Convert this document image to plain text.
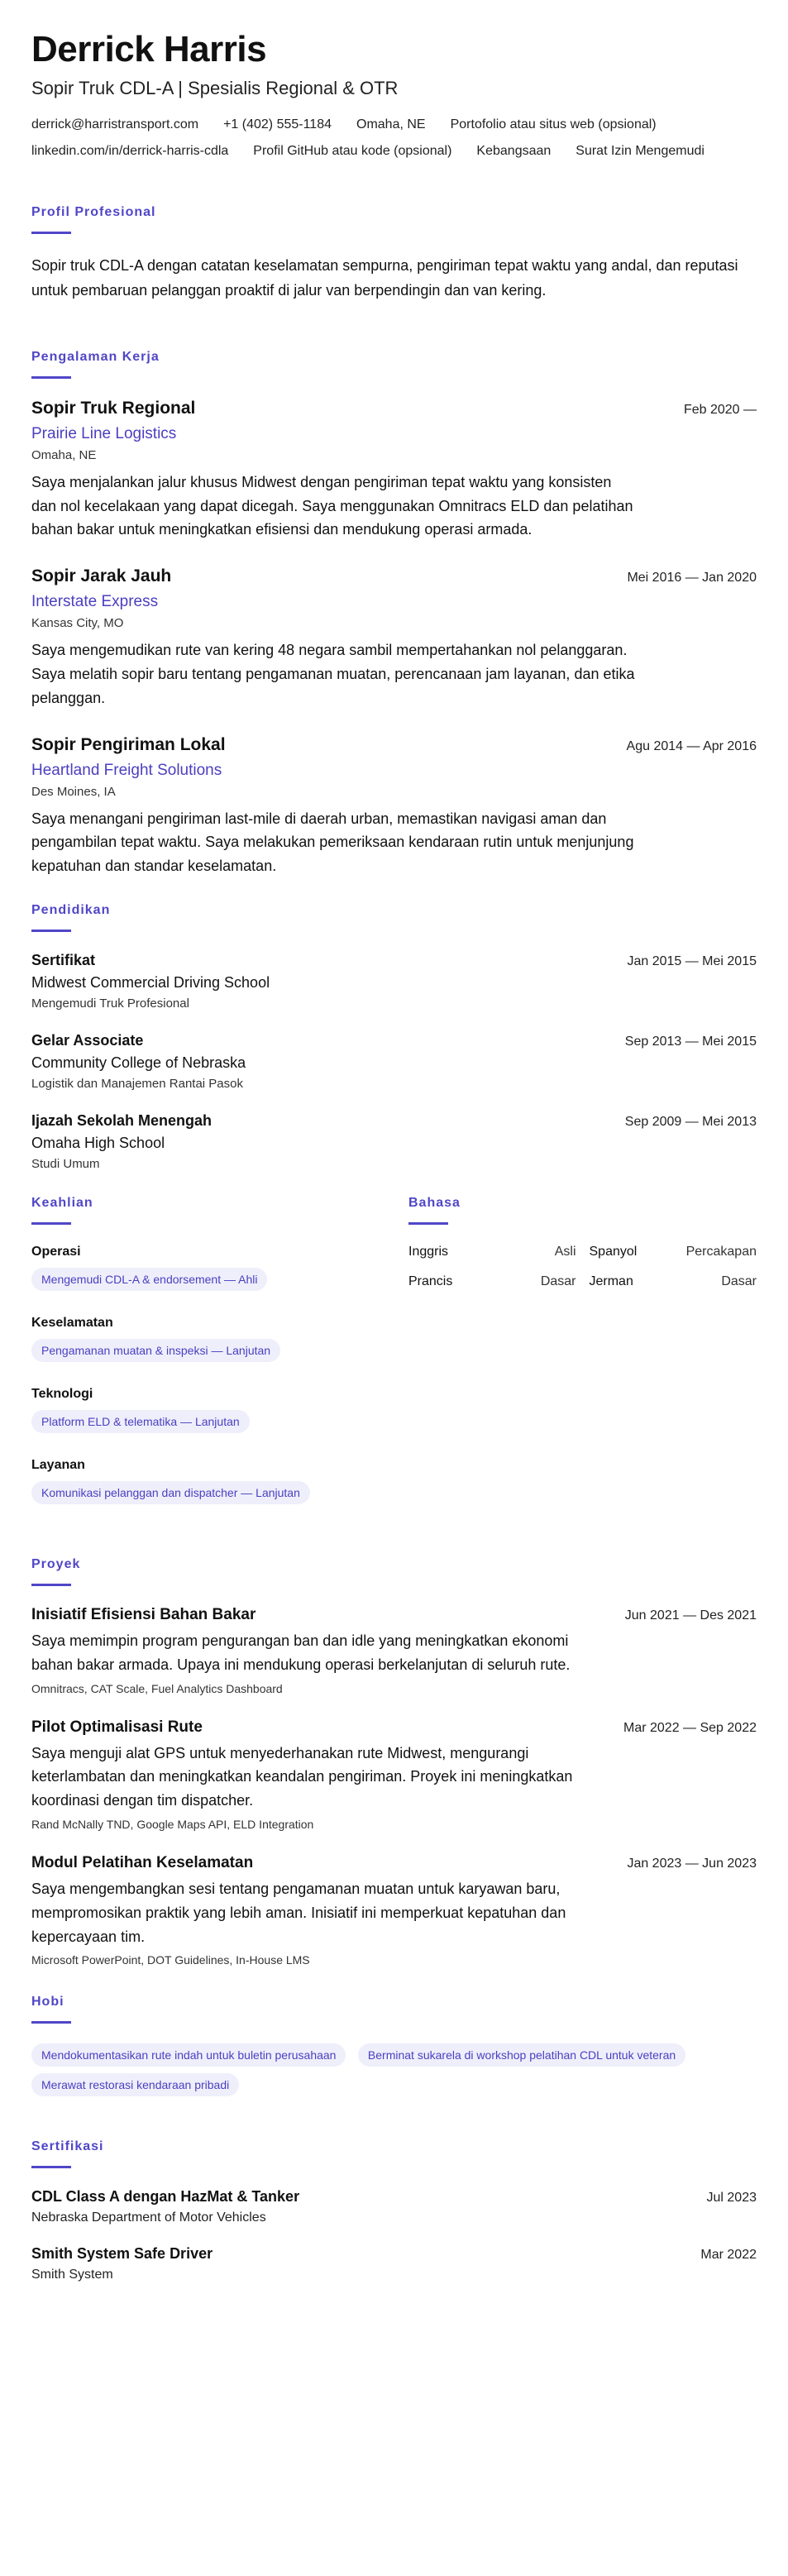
Derrick Harris
Sopir Truk CDL-A | Spesialis Regional & OTR
derrick@harristransport.com +1 (402) 555-1184 Omaha, NE Portofolio atau situs web (opsional)
linkedin.com/in/derrick-harris-cdla Profil GitHub atau kode (opsional) Kebangsaan Surat Izin Mengemudi
Profil Profesional
Sopir truk CDL-A dengan catatan keselamatan sempurna, pengiriman tepat waktu yang andal, dan reputasi untuk pembaruan pelanggan proaktif di jalur van berpendingin dan van kering.
Pengalaman Kerja
Sopir Truk Regional	Feb 2020 —
Prairie Line Logistics
Omaha, NE
Saya menjalankan jalur khusus Midwest dengan pengiriman tepat waktu yang konsisten dan nol kecelakaan yang dapat dicegah. Saya menggunakan Omnitracs ELD dan pelatihan bahan bakar untuk meningkatkan efisiensi dan mendukung operasi armada.
Sopir Jarak Jauh	Mei 2016 — Jan 2020
Interstate Express
Kansas City, MO
Saya mengemudikan rute van kering 48 negara sambil mempertahankan nol pelanggaran. Saya melatih sopir baru tentang pengamanan muatan, perencanaan jam layanan, dan etika pelanggan.
Sopir Pengiriman Lokal	Agu 2014 — Apr 2016
Heartland Freight Solutions
Des Moines, IA
Saya menangani pengiriman last-mile di daerah urban, memastikan navigasi aman dan pengambilan tepat waktu. Saya melakukan pemeriksaan kendaraan rutin untuk menjunjung kepatuhan dan standar keselamatan.
Pendidikan
Sertifikat	Jan 2015 — Mei 2015
Midwest Commercial Driving School
Mengemudi Truk Profesional
Gelar Associate	Sep 2013 — Mei 2015
Community College of Nebraska
Logistik dan Manajemen Rantai Pasok
Ijazah Sekolah Menengah	Sep 2009 — Mei 2013
Omaha High School
Studi Umum
Keahlian
Operasi
Mengemudi CDL-A & endorsement — Ahli
Keselamatan
Pengamanan muatan & inspeksi — Lanjutan
Teknologi
Platform ELD & telematika — Lanjutan
Layanan
Komunikasi pelanggan dan dispatcher — Lanjutan
Bahasa
Inggris	Asli Spanyol	Percakapan
Prancis	Dasar Jerman	Dasar
Proyek
Inisiatif Efisiensi Bahan Bakar	Jun 2021 — Des 2021
Saya memimpin program pengurangan ban dan idle yang meningkatkan ekonomi bahan bakar armada. Upaya ini mendukung operasi berkelanjutan di seluruh rute.
Omnitracs, CAT Scale, Fuel Analytics Dashboard
Pilot Optimalisasi Rute	Mar 2022 — Sep 2022
Saya menguji alat GPS untuk menyederhanakan rute Midwest, mengurangi keterlambatan dan meningkatkan keandalan pengiriman. Proyek ini meningkatkan koordinasi dengan tim dispatcher.
Rand McNally TND, Google Maps API, ELD Integration
Modul Pelatihan Keselamatan	Jan 2023 — Jun 2023
Saya mengembangkan sesi tentang pengamanan muatan untuk karyawan baru, mempromosikan praktik yang lebih aman. Inisiatif ini memperkuat kepatuhan dan kepercayaan tim.
Microsoft PowerPoint, DOT Guidelines, In-House LMS
Hobi
Mendokumentasikan rute indah untuk buletin perusahaan	Berminat sukarela di workshop pelatihan CDL untuk veteran Merawat restorasi kendaraan pribadi
Sertifikasi
CDL Class A dengan HazMat & Tanker	Jul 2023
Nebraska Department of Motor Vehicles
Smith System Safe Driver	Mar 2022
Smith System
